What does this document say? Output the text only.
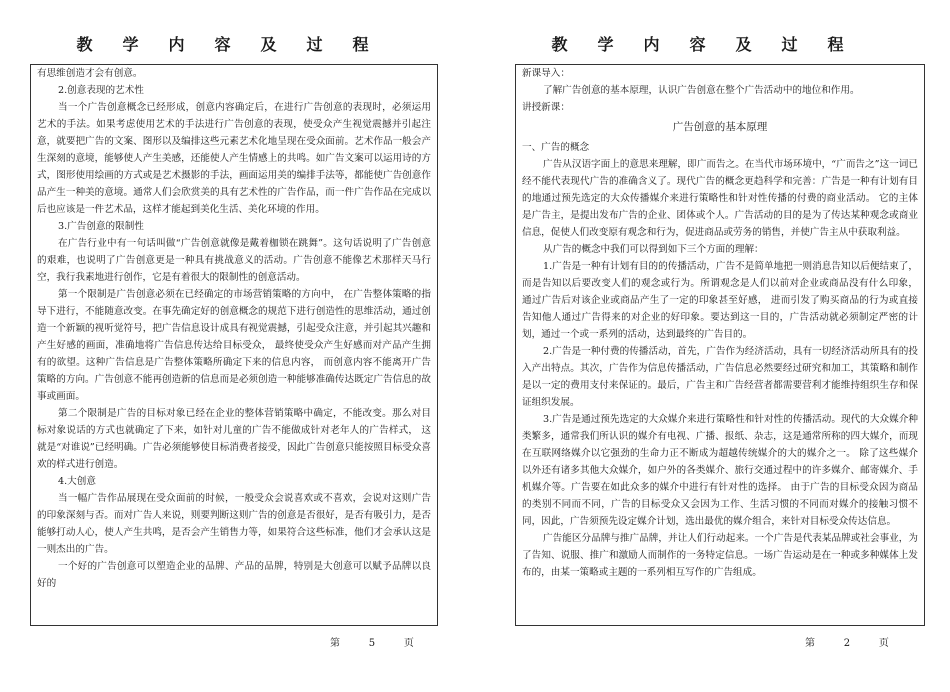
教学内容及过程

有思维创造才会有创意。

2.创意表现的艺术性

当一个广告创意概念已经形成，创意内容确定后，在进行广告创意的表现时，必须运用艺术的手法。如果考虑使用艺术的手法进行广告创意的表现，使受众产生视觉震撼并引起注意，就要把广告的文案、图形以及编排这些元素艺术化地呈现在受众面前。艺术作品一般会产生深刻的意境，能够使人产生美感，还能使人产生情感上的共鸣。如广告文案可以运用诗的方式，图形使用绘画的方式或是艺术摄影的手法，画面运用美的编排手法等，都能使广告创意作品产生一种美的意境。通常人们会欣赏美的具有艺术性的广告作品，而一件广告作品在完成以后也应该是一件艺术品，这样才能起到美化生活、美化环境的作用。

3.广告创意的限制性

在广告行业中有一句话叫做“广告创意就像是戴着枷锁在跳舞”。这句话说明了广告创意的艰难，也说明了广告创意更是一种具有挑战意义的活动。广告创意不能像艺术那样天马行空，我行我素地进行创作，它是有着很大的限制性的创意活动。

第一个限制是广告创意必须在已经确定的市场营销策略的方向中， 在广告整体策略的指导下进行，不能随意改变。在事先确定好的创意概念的规范下进行创造性的思维活动，通过创造一个新颖的视听觉符号，把广告信息设计成具有视觉震撼，引起受众注意，并引起其兴趣和产生好感的画面，准确地将广告信息传达给目标受众， 最终使受众产生好感而对产品产生拥有的欲望。这种广告信息是广告整体策略所确定下来的信息内容， 而创意内容不能离开广告策略的方向。广告创意不能再创造新的信息而是必须创造一种能够准确传达既定广告信息的故事或画面。

第二个限制是广告的目标对象已经在企业的整体营销策略中确定，不能改变。那么对目标对象说话的方式也就确定了下来，如针对儿童的广告不能做成针对老年人的广告样式， 这就是“对谁说”已经明确。广告必须能够使目标消费者接受，因此广告创意只能按照目标受众喜欢的样式进行创造。

4.大创意

当一幅广告作品展现在受众面前的时候，一般受众会说喜欢或不喜欢，会说对这则广告的印象深刻与否。而对广告人来说，则要判断这则广告的创意是否很好，是否有吸引力，是否能够打动人心，使人产生共鸣，是否会产生销售力等，如果符合这些标准，他们才会承认这是一则杰出的广告。

一个好的广告创意可以塑造企业的品牌、产品的品牌，特别是大创意可以赋予品牌以良好的

第	5	页
教学内容及过程

新课导入：

了解广告创意的基本原理，认识广告创意在整个广告活动中的地位和作用。

讲授新课：

广告创意的基本原理

一、广告的概念

广告从汉语字面上的意思来理解，即广而告之。在当代市场环境中，“广而告之”这一词已经不能代表现代广告的准确含义了。现代广告的概念更趋科学和完善：广告是一种有计划有目的地通过预先选定的大众传播媒介来进行策略性和针对性传播的付费的商业活动。 它的主体是广告主，是提出发布广告的企业、团体或个人。广告活动的目的是为了传达某种观念或商业信息，促使人们改变原有观念和行为，促进商品或劳务的销售，并使广告主从中获取利益。

从广告的概念中我们可以得到如下三个方面的理解：

1.广告是一种有计划有目的的传播活动，广告不是简单地把一则消息告知以后便结束了，而是告知以后要改变人们的观念或行为。所谓观念是人们以前对企业或商品没有什么印象， 通过广告后对该企业或商品产生了一定的印象甚至好感， 进而引发了购买商品的行为或直接告知他人通过广告得来的对企业的好印象。要达到这一目的，广告活动就必须制定严密的计划，通过一个或一系列的活动，达到最终的广告目的。

2.广告是一种付费的传播活动，首先，广告作为经济活动，具有一切经济活动所具有的投入产出特点。其次，广告作为信息传播活动，广告信息必然要经过研究和加工，其策略和制作是以一定的费用支付来保证的。最后，广告主和广告经营者都需要营利才能维持组织生存和保证组织发展。

3.广告是通过预先选定的大众媒介来进行策略性和针对性的传播活动。现代的大众媒介种类繁多，通常我们所认识的媒介有电视、广播、报纸、杂志，这是通常所称的四大媒介，而现在互联网络媒介以它强劲的生命力正不断成为超越传统媒介的大的媒介之一。 除了这些媒介以外还有诸多其他大众媒介，如户外的各类媒介、旅行交通过程中的许多媒介、邮寄媒介、手机媒介等。广告要在如此众多的媒介中进行有针对性的选择。 由于广告的目标受众因为商品的类别不同而不同，广告的目标受众又会因为工作、生活习惯的不同而对媒介的接触习惯不同，因此，广告须预先设定媒介计划，选出最优的媒介组合，来针对目标受众传达信息。

广告能区分品牌与推广品牌，并让人们行动起来。一个广告是代表某品牌或社会事业，为了告知、说服、推广和激励人而制作的一务特定信息。一场广告运动是在一种或多种媒体上发布的，由某一策略或主题的一系列相互写作的广告组成。

第	2	页
